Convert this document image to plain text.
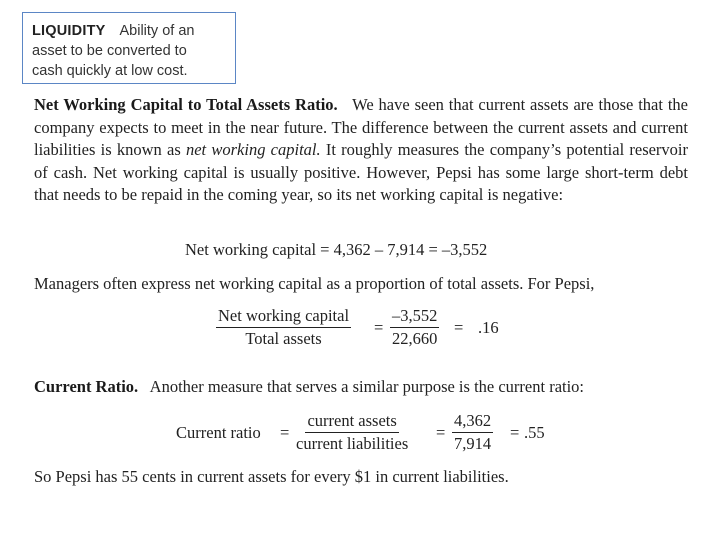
LIQUIDITY Ability of an
asset to be converted to
cash quickly at low cost.

Net Working Capital to Total Assets Ratio. We have seen that current assets are those that the company expects to meet in the near future. The difference between the current assets and current liabilities is known as net working capital. It roughly measures the company’s potential reservoir of cash. Net working capital is usually positive. However, Pepsi has some large short-term debt that needs to be repaid in the coming year, so its net working capital is negative:

Net working capital = 4,362 – 7,914 = –3,552

Managers often express net working capital as a proportion of total assets. For Pepsi,

Net working capital
Total assets
= $\frac{-3,552}{22,660} = .16$

Current Ratio. Another measure that serves a similar purpose is the current ratio:

Current ratio =
current assets
current liabilities
= $\frac{4,362}{7,914} = .55$

So Pepsi has 55 cents in current assets for every $1 in current liabilities.
